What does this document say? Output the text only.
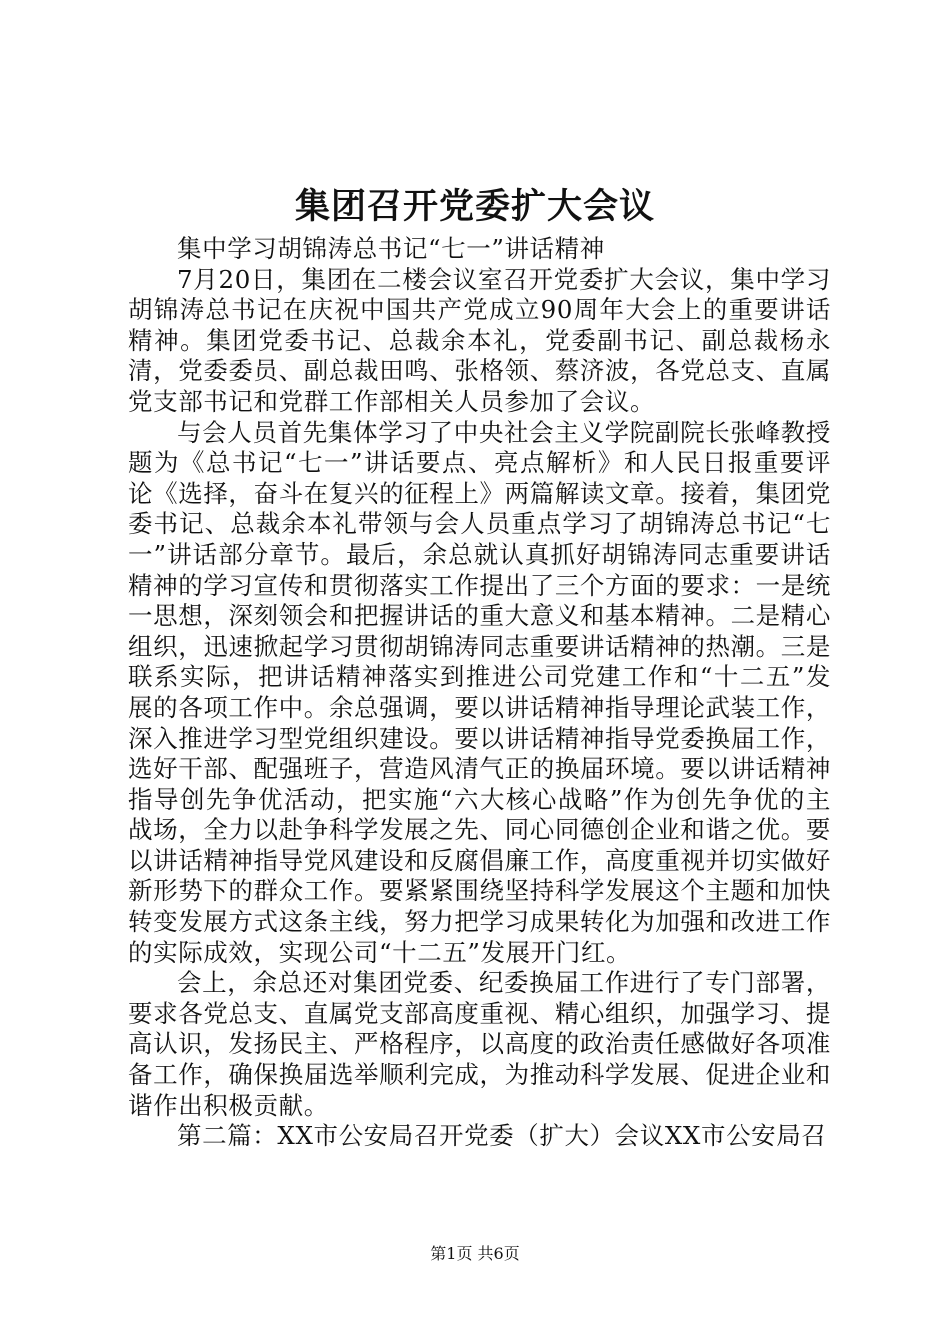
集团召开党委扩大会议

集中学习胡锦涛总书记“七一”讲话精神

7月20日，集团在二楼会议室召开党委扩大会议，集中学习胡锦涛总书记在庆祝中国共产党成立90周年大会上的重要讲话精神。集团党委书记、总裁余本礼，党委副书记、副总裁杨永清，党委委员、副总裁田鸣、张格领、蔡济波，各党总支、直属党支部书记和党群工作部相关人员参加了会议。

与会人员首先集体学习了中央社会主义学院副院长张峰教授题为《总书记“七一”讲话要点、亮点解析》和人民日报重要评论《选择，奋斗在复兴的征程上》两篇解读文章。接着，集团党委书记、总裁余本礼带领与会人员重点学习了胡锦涛总书记“七一”讲话部分章节。最后，余总就认真抓好胡锦涛同志重要讲话精神的学习宣传和贯彻落实工作提出了三个方面的要求：一是统一思想，深刻领会和把握讲话的重大意义和基本精神。二是精心组织，迅速掀起学习贯彻胡锦涛同志重要讲话精神的热潮。三是联系实际，把讲话精神落实到推进公司党建工作和“十二五”发展的各项工作中。余总强调，要以讲话精神指导理论武装工作，深入推进学习型党组织建设。要以讲话精神指导党委换届工作，选好干部、配强班子，营造风清气正的换届环境。要以讲话精神指导创先争优活动，把实施“六大核心战略”作为创先争优的主战场，全力以赴争科学发展之先、同心同德创企业和谐之优。要以讲话精神指导党风建设和反腐倡廉工作，高度重视并切实做好新形势下的群众工作。要紧紧围绕坚持科学发展这个主题和加快转变发展方式这条主线，努力把学习成果转化为加强和改进工作的实际成效，实现公司“十二五”发展开门红。

会上，余总还对集团党委、纪委换届工作进行了专门部署，要求各党总支、直属党支部高度重视、精心组织，加强学习、提高认识，发扬民主、严格程序，以高度的政治责任感做好各项准备工作，确保换届选举顺利完成，为推动科学发展、促进企业和谐作出积极贡献。

第二篇：XX市公安局召开党委（扩大）会议XX市公安局召

第1页 共6页
